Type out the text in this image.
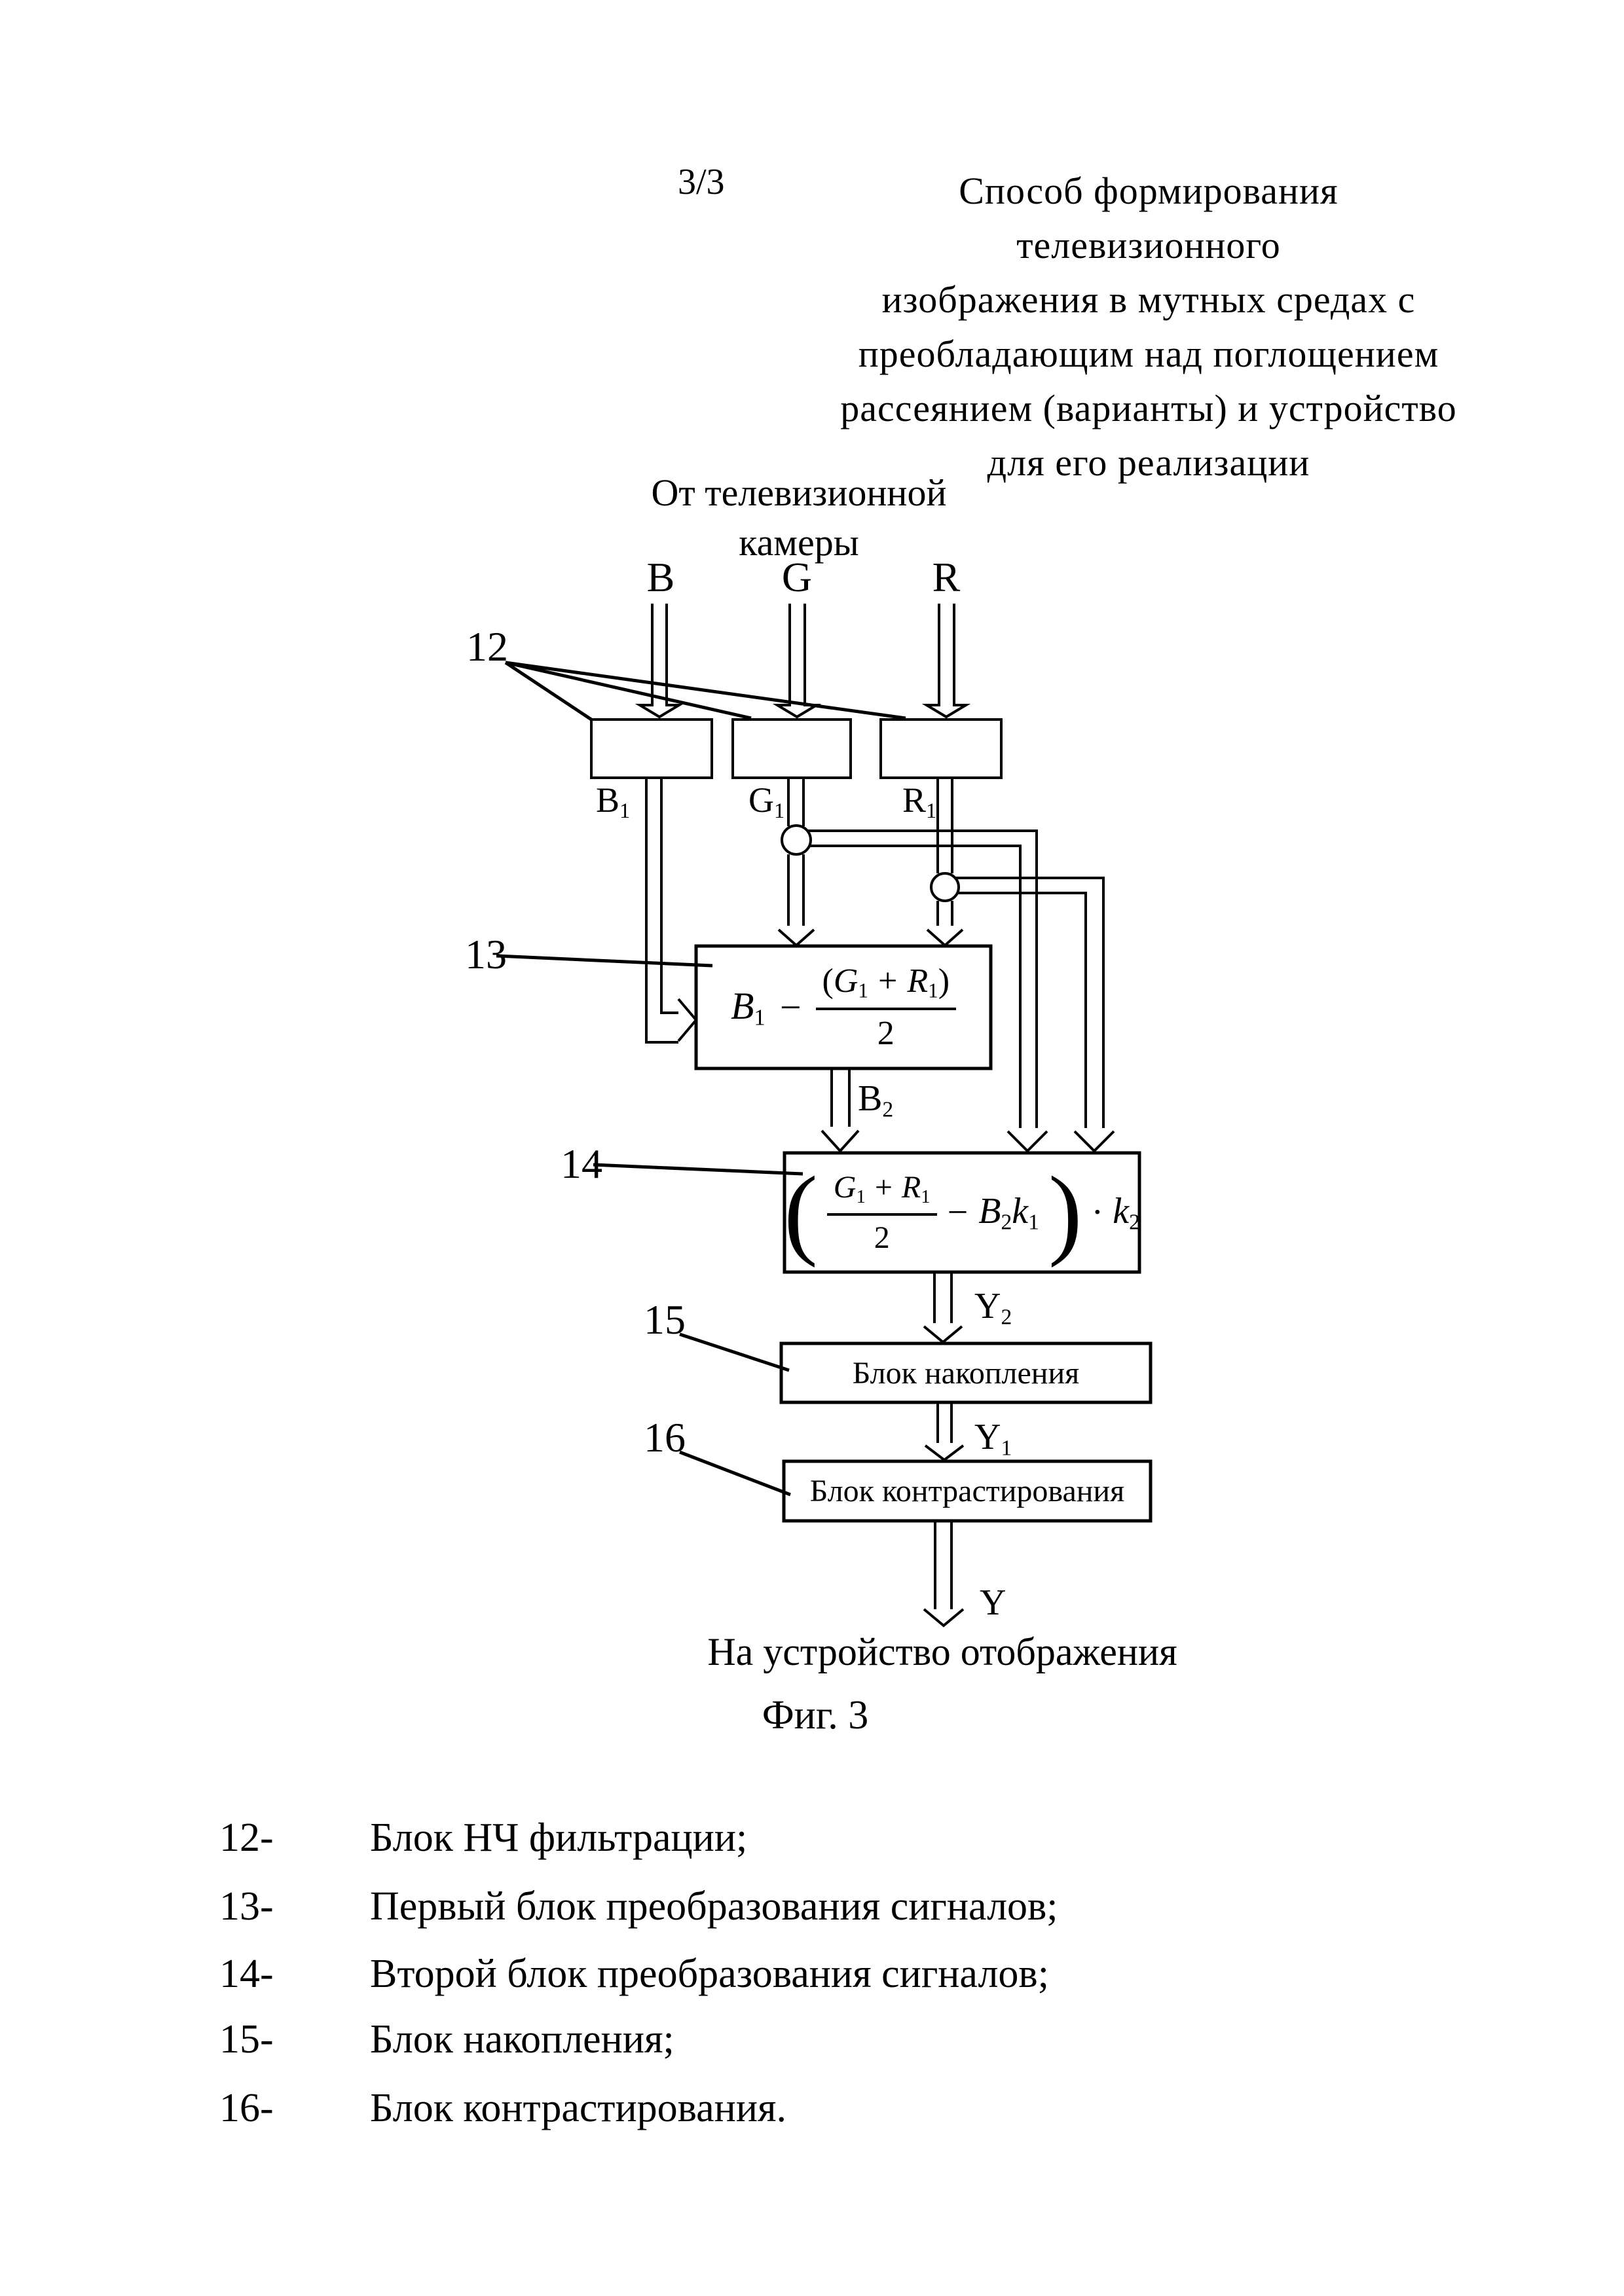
3/3	Способ формирования телевизионного
изображения в мутных средах с
преобладающим над поглощением
рассеянием (варианты) и устройство
для его реализации
От телевизионной
камеры
B	G	R
12
13
14
15
16
B1	G1	R1
$B1 - \frac{(G1 + R1)}{2}$
( $\frac{G1 + R1}{2} - B2k1$ ) · k2
B2
Y2
Y1
Y
Блок накопления
Блок контрастирования
На устройство отображения
Фиг. 3
12- Блок НЧ фильтрации;
13- Первый блок преобразования сигналов;
14- Второй блок преобразования сигналов;
15- Блок накопления;
16- Блок контрастирования.
